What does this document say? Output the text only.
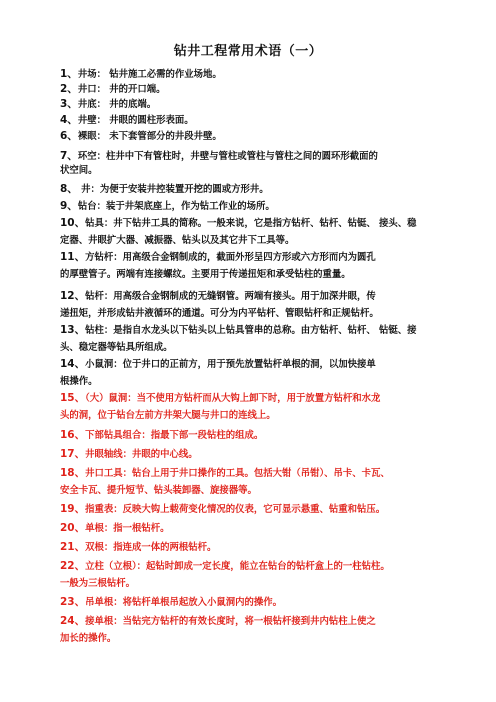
钻井工程常用术语（一）
1、井场： 钻井施工必需的作业场地。
2、井口： 井的开口端。
3、井底： 井的底端。
4、井壁： 井眼的圆柱形表面。
6、裸眼： 未下套管部分的井段井壁。
7、环空：柱井中下有管柱时，井壁与管柱或管柱与管柱之间的圆环形截面的
状空间。
8、 井：为便于安装井控装置开挖的圆或方形井。
9、钻台：装于井架底座上，作为钻工作业的场所。
10、钻具：井下钻井工具的简称。一般来说，它是指方钻杆、钻杆、钻铤、 接头、稳
定器、井眼扩大器、减振器、钻头以及其它井下工具等。
11、方钻杆：用高级合金钢制成的，截面外形呈四方形或六方形而内为圆孔
的厚壁管子。两端有连接螺纹。主要用于传递扭矩和承受钻柱的重量。
12、钻杆：用高级合金钢制成的无缝钢管。两端有接头。用于加深井眼，传
递扭矩，并形成钻井液循环的通道。可分为内平钻杆、管眼钻杆和正规钻杆。
13、钻柱：是指自水龙头以下钻头以上钻具管串的总称。由方钻杆、钻杆、 钻铤、接
头、稳定器等钻具所组成。
14、小鼠洞：位于井口的正前方，用于预先放置钻杆单根的洞，以加快接单
根操作。
15、（大）鼠洞：当不使用方钻杆而从大钩上卸下时，用于放置方钻杆和水龙
头的洞，位于钻台左前方井架大腿与井口的连线上。
16、下部钻具组合：指最下部一段钻柱的组成。
17、井眼轴线：井眼的中心线。
18、井口工具：钻台上用于井口操作的工具。包括大钳（吊钳）、吊卡、卡瓦、
安全卡瓦、提升短节、钻头装卸器、旋接器等。
19、指重表：反映大钩上载荷变化情况的仪表，它可显示悬重、钻重和钻压。
20、单根：指一根钻杆。
21、双根：指连成一体的两根钻杆。
22、立柱（立根）：起钻时卸成一定长度，能立在钻台的钻杆盒上的一柱钻柱。
一般为三根钻杆。
23、吊单根：将钻杆单根吊起放入小鼠洞内的操作。
24、接单根：当钻完方钻杆的有效长度时，将一根钻杆接到井内钻柱上使之
加长的操作。
